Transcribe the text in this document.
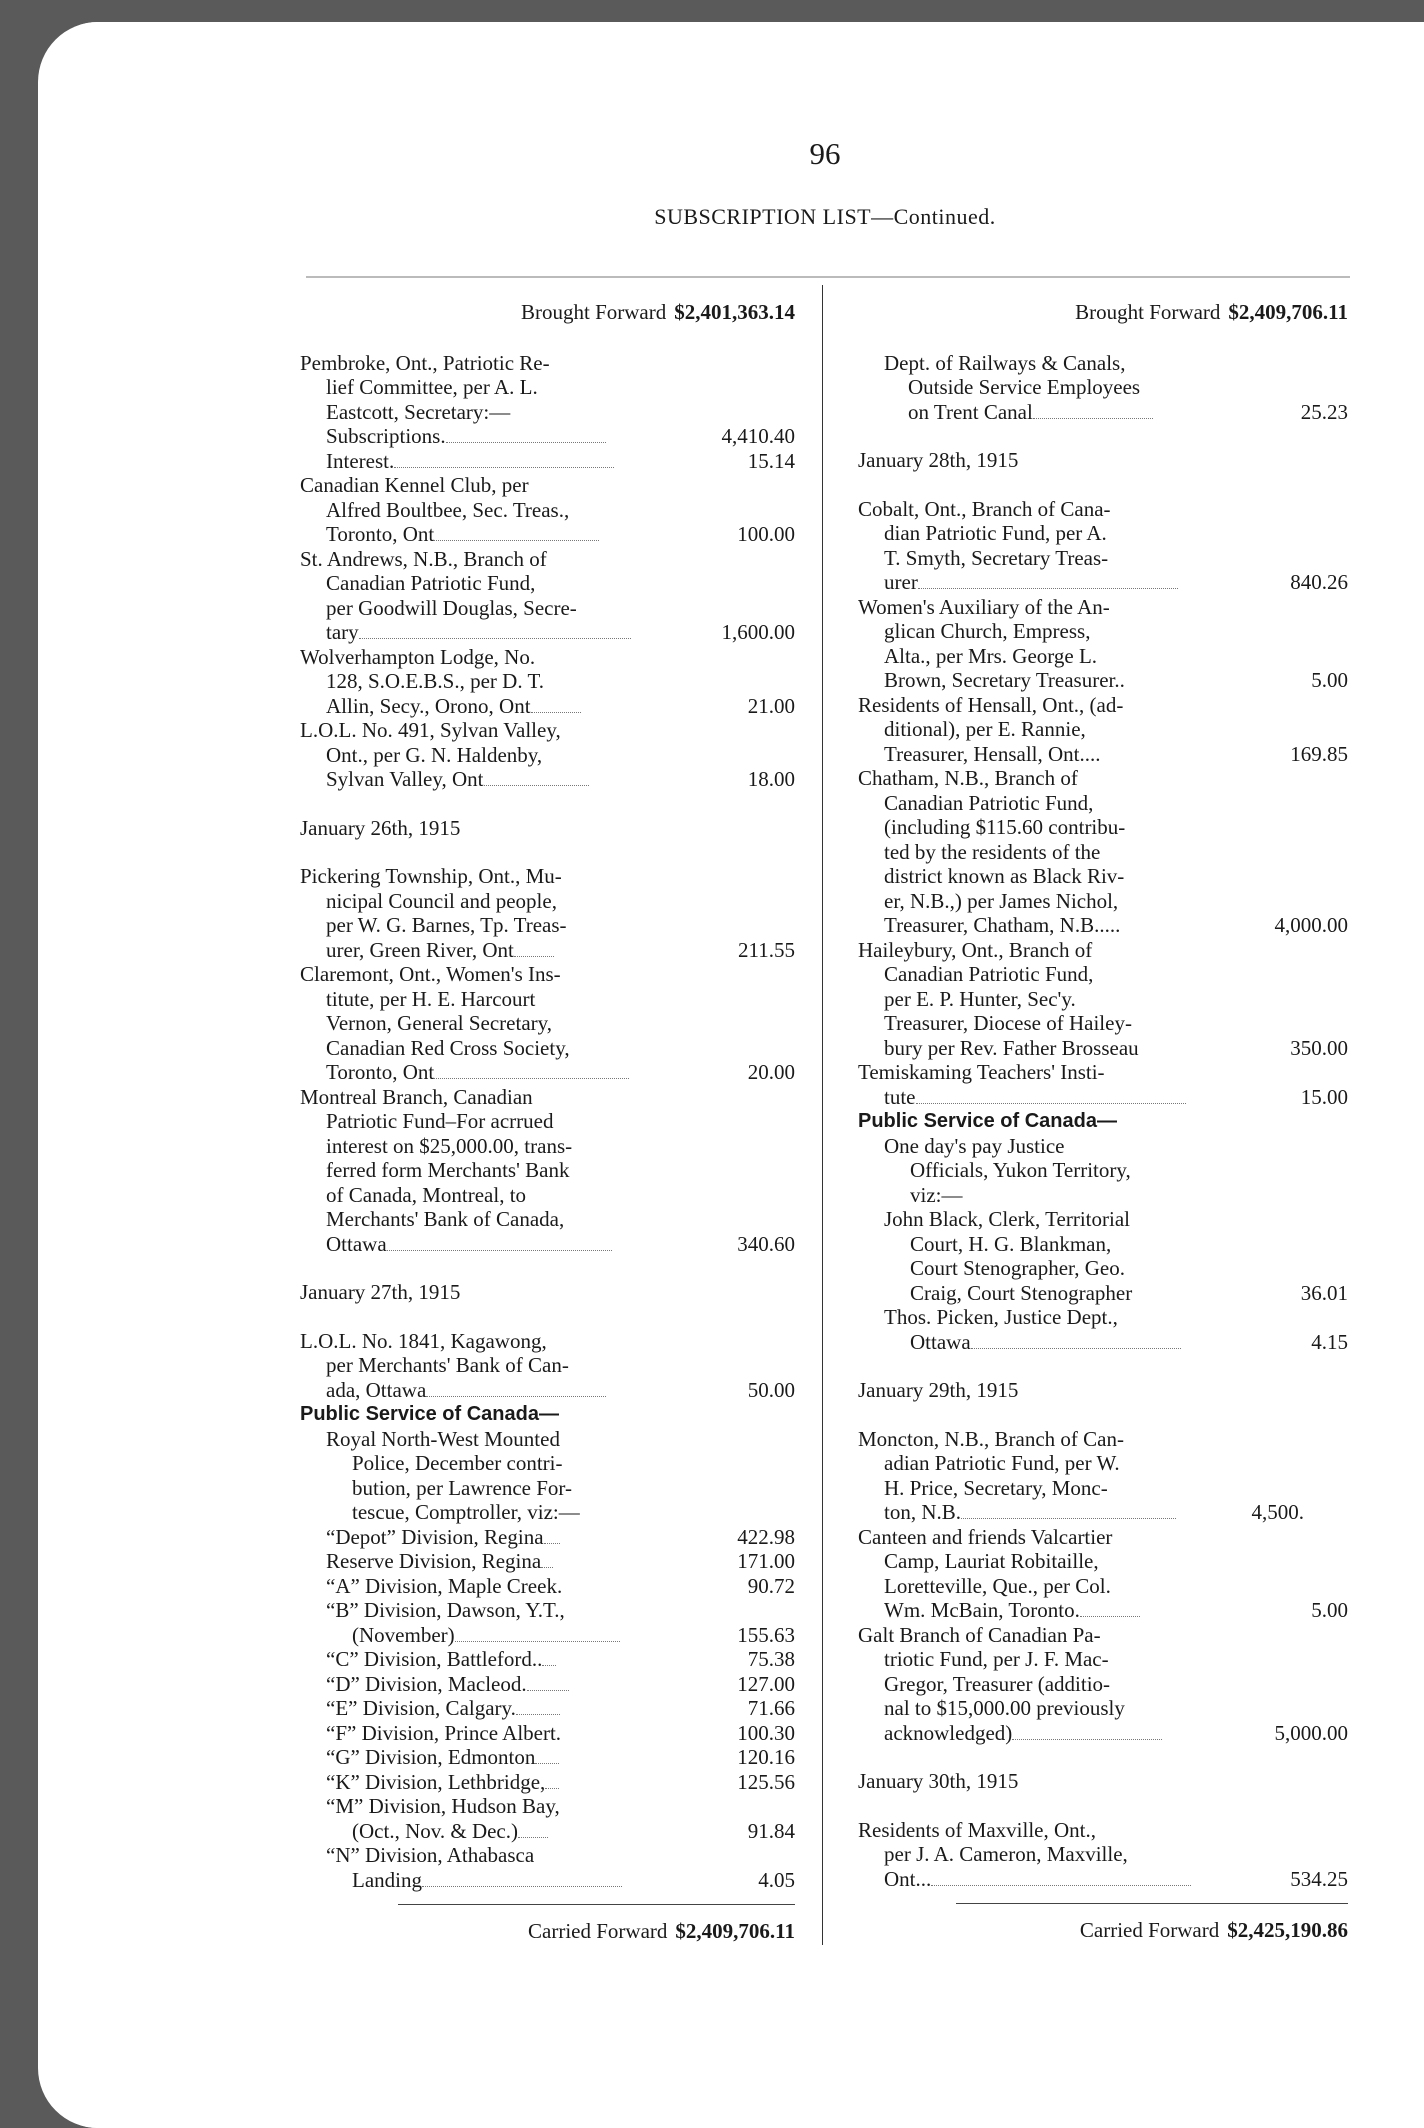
96
SUBSCRIPTION LIST—Continued.
Brought Forward $2,401,363.14
Pembroke, Ont., Patriotic Re-
lief Committee, per A. L.
Eastcott, Secretary:—
Subscriptions.	4,410.40
Interest.	15.14
Canadian Kennel Club, per
Alfred Boultbee, Sec. Treas.,
Toronto, Ont	100.00
St. Andrews, N.B., Branch of
Canadian Patriotic Fund,
per Goodwill Douglas, Secre-
tary	1,600.00
Wolverhampton Lodge, No.
128, S.O.E.B.S., per D. T.
Allin, Secy., Orono, Ont	21.00
L.O.L. No. 491, Sylvan Valley,
Ont., per G. N. Haldenby,
Sylvan Valley, Ont	18.00
January 26th, 1915
Pickering Township, Ont., Mu-
nicipal Council and people,
per W. G. Barnes, Tp. Treas-
urer, Green River, Ont	211.55
Claremont, Ont., Women's Ins-
titute, per H. E. Harcourt
Vernon, General Secretary,
Canadian Red Cross Society,
Toronto, Ont	20.00
Montreal Branch, Canadian
Patriotic Fund–For acrrued
interest on $25,000.00, trans-
ferred form Merchants' Bank
of Canada, Montreal, to
Merchants' Bank of Canada,
Ottawa	340.60
January 27th, 1915
L.O.L. No. 1841, Kagawong,
per Merchants' Bank of Can-
ada, Ottawa	50.00
Public Service of Canada—
Royal North-West Mounted
Police, December contri-
bution, per Lawrence For-
tescue, Comptroller, viz:—
“Depot” Division, Regina	422.98
Reserve Division, Regina	171.00
“A” Division, Maple Creek.	90.72
“B” Division, Dawson, Y.T.,
(November)	155.63
“C” Division, Battleford..	75.38
“D” Division, Macleod.	127.00
“E” Division, Calgary.	71.66
“F” Division, Prince Albert.	100.30
“G” Division, Edmonton	120.16
“K” Division, Lethbridge,	125.56
“M” Division, Hudson Bay,
(Oct., Nov. & Dec.)	91.84
“N” Division, Athabasca
Landing	4.05
Carried Forward $2,409,706.11
Brought Forward $2,409,706.11
Dept. of Railways & Canals,
Outside Service Employees
on Trent Canal	25.23
January 28th, 1915
Cobalt, Ont., Branch of Cana-
dian Patriotic Fund, per A.
T. Smyth, Secretary Treas-
urer	840.26
Women's Auxiliary of the An-
glican Church, Empress,
Alta., per Mrs. George L.
Brown, Secretary Treasurer..	5.00
Residents of Hensall, Ont., (ad-
ditional), per E. Rannie,
Treasurer, Hensall, Ont....	169.85
Chatham, N.B., Branch of
Canadian Patriotic Fund,
(including $115.60 contribu-
ted by the residents of the
district known as Black Riv-
er, N.B.,) per James Nichol,
Treasurer, Chatham, N.B.....	4,000.00
Haileybury, Ont., Branch of
Canadian Patriotic Fund,
per E. P. Hunter, Sec'y.
Treasurer, Diocese of Hailey-
bury per Rev. Father Brosseau	350.00
Temiskaming Teachers' Insti-
tute	15.00
Public Service of Canada—
One day's pay Justice
Officials, Yukon Territory,
viz:—
John Black, Clerk, Territorial
Court, H. G. Blankman,
Court Stenographer, Geo.
Craig, Court Stenographer	36.01
Thos. Picken, Justice Dept.,
Ottawa	4.15
January 29th, 1915
Moncton, N.B., Branch of Can-
adian Patriotic Fund, per W.
H. Price, Secretary, Monc-
ton, N.B.	4,500.
Canteen and friends Valcartier
Camp, Lauriat Robitaille,
Loretteville, Que., per Col.
Wm. McBain, Toronto.	5.00
Galt Branch of Canadian Pa-
triotic Fund, per J. F. Mac-
Gregor, Treasurer (additio-
nal to $15,000.00 previously
acknowledged)	5,000.00
January 30th, 1915
Residents of Maxville, Ont.,
per J. A. Cameron, Maxville,
Ont...	534.25
Carried Forward $2,425,190.86
